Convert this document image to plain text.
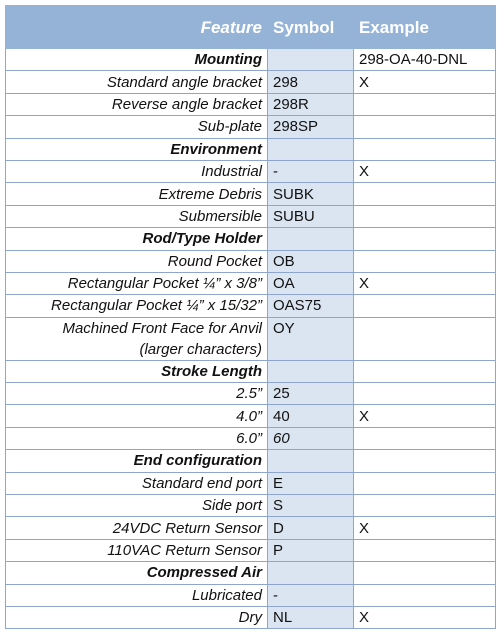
Feature	Symbol	Example
Mounting		298-OA-40-DNL
Standard angle bracket	298	X
Reverse angle bracket	298R	
Sub-plate	298SP	
Environment		
Industrial	-	X
Extreme Debris	SUBK	
Submersible	SUBU	
Rod/Type Holder		
Round Pocket	OB	
Rectangular Pocket ¼” x 3/8”	OA	X
Rectangular Pocket ¼” x 15/32”	OAS75	

Machined Front Face for Anvil
(larger characters)	OY	
Stroke Length		
2.5”	25	
4.0”	40	X
6.0”	60	
End configuration		
Standard end port	E	
Side port	S	
24VDC Return Sensor	D	X
110VAC Return Sensor	P	
Compressed Air		
Lubricated	-	
Dry	NL	X
